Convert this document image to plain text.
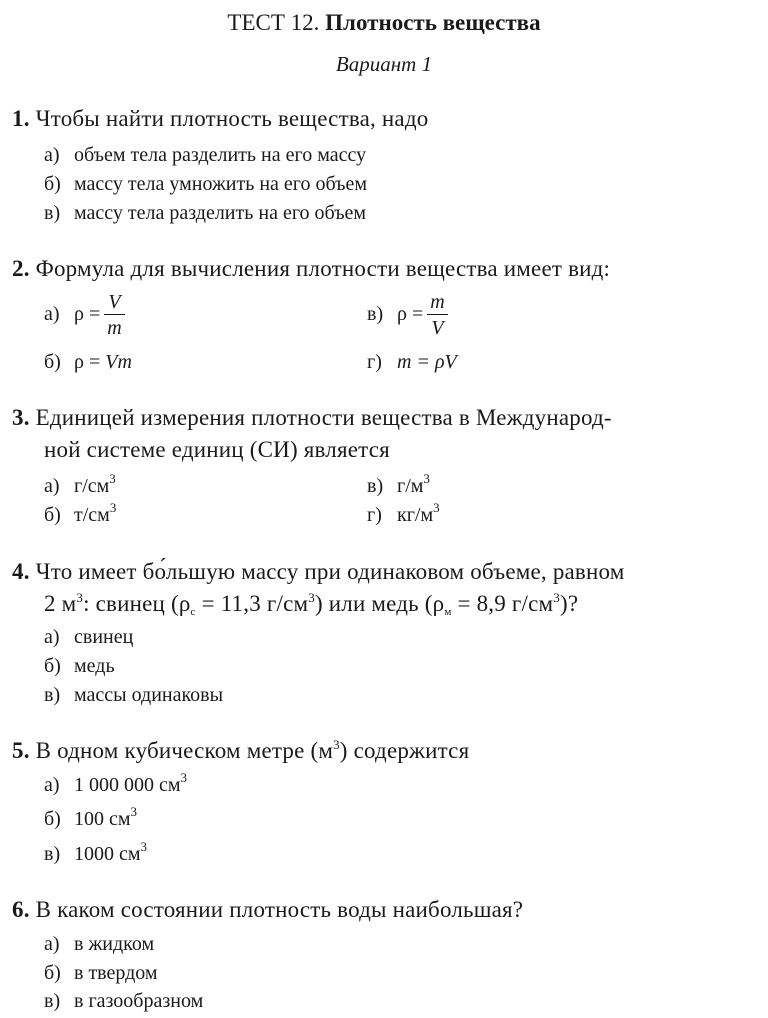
ТЕСТ 12. Плотность вещества
Вариант 1
1. Чтобы найти плотность вещества, надо
а) объем тела разделить на его массу
б) массу тела умножить на его объем
в) массу тела разделить на его объем
2. Формула для вычисления плотности вещества имеет вид:
а) $\rho = \frac{V}{m}$	в) $\rho = \frac{m}{V}$
б) ρ = Vm	г) m = ρV
3. Единицей измерения плотности вещества в Международ-
ной системе единиц (СИ) является
а) $г/см^3$	в) $г/м^3$
б) $т/см^3$	г) $кг/м^3$
4. Что имеет бо́льшую массу при одинаковом объеме, равном
2 $м^3$: свинец ($\rho_с = 11,3$ $г/см^3$) или медь ($\rho_м = 8,9$ $г/см^3$)?
а) свинец
б) медь
в) массы одинаковы
5. В одном кубическом метре $(м^3)$ содержится
а) 1 000 000 $см^3$
б) 100 $см^3$
в) 1000 $см^3$
6. В каком состоянии плотность воды наибольшая?
а) в жидком
б) в твердом
в) в газообразном
